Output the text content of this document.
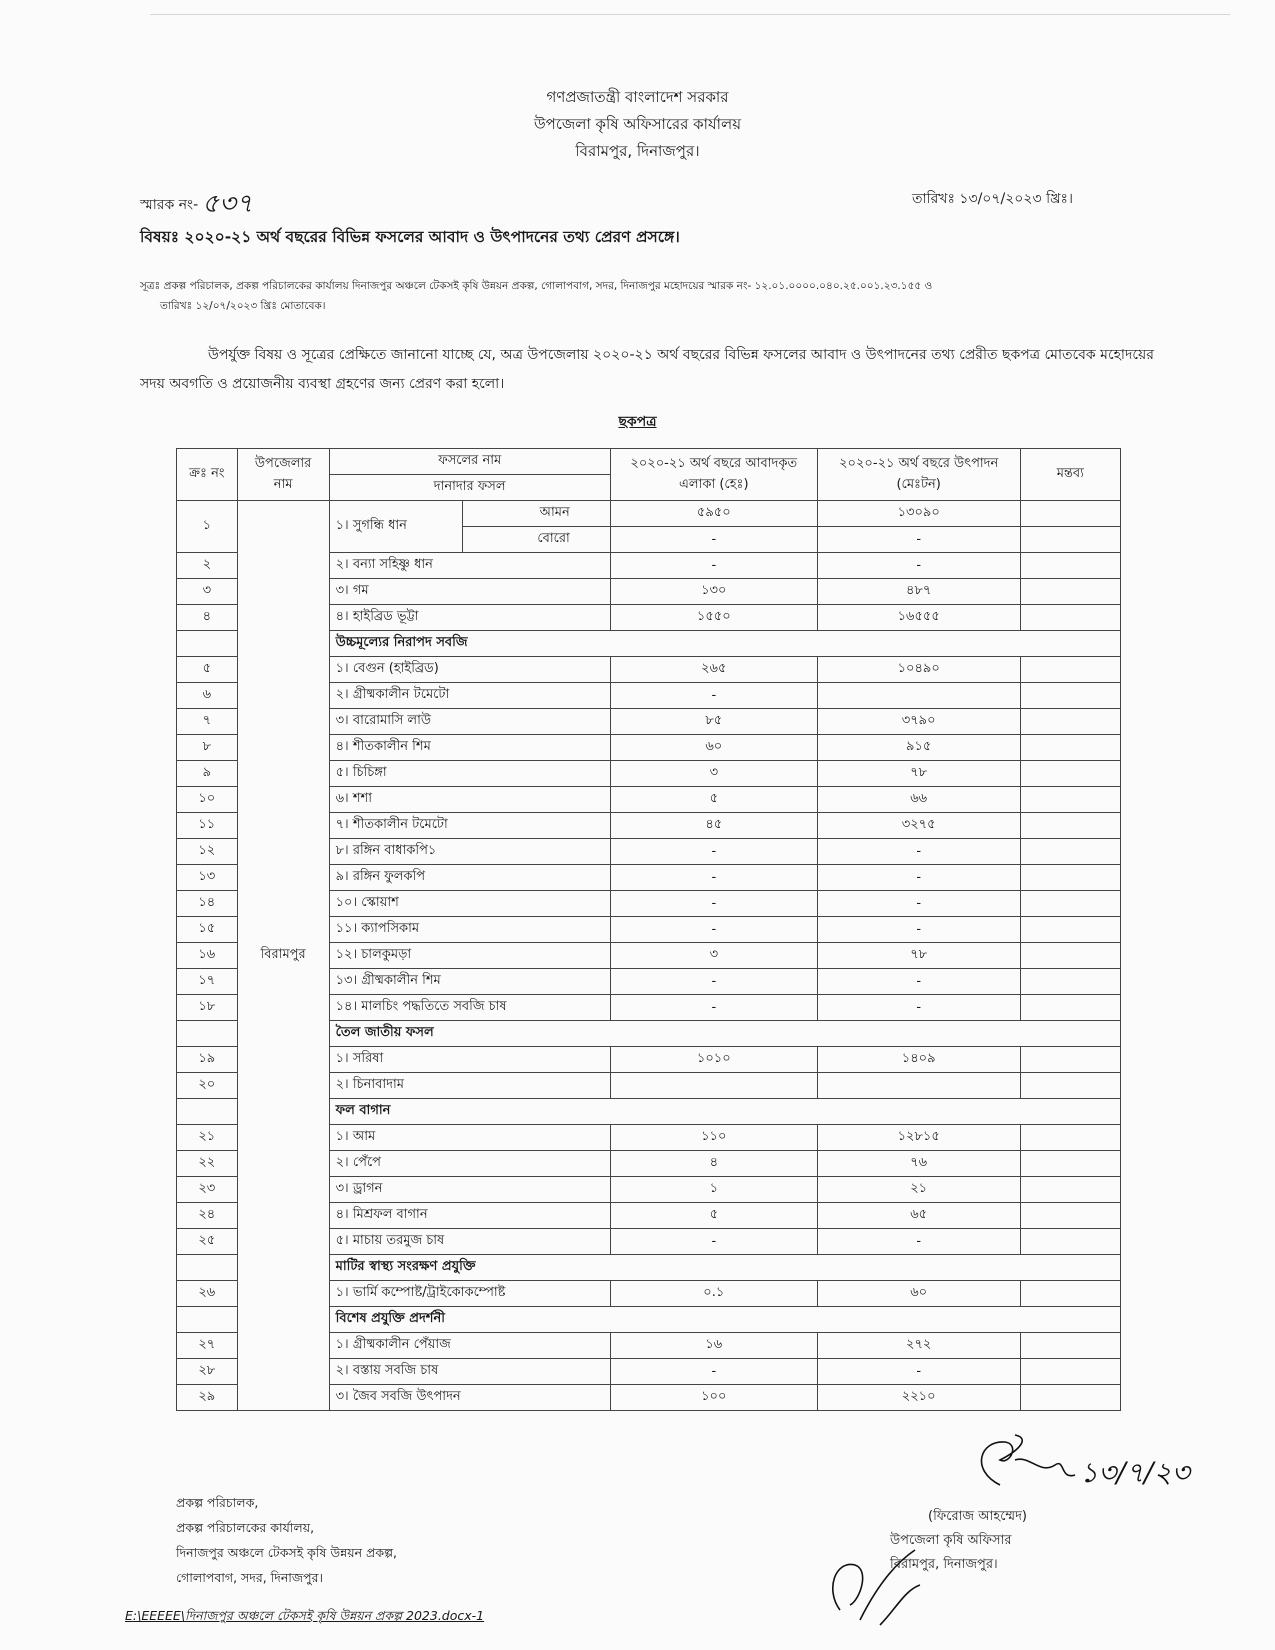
গণপ্রজাতন্ত্রী বাংলাদেশ সরকার
উপজেলা কৃষি অফিসারের কার্যালয়
বিরামপুর, দিনাজপুর।
স্মারক নং- ৫৩৭	তারিখঃ ১৩/০৭/২০২৩ খ্রিঃ।
বিষয়ঃ ২০২০-২১ অর্থ বছরের বিভিন্ন ফসলের আবাদ ও উৎপাদনের তথ্য প্রেরণ প্রসঙ্গে।
সূত্রঃ প্রকল্প পরিচালক, প্রকল্প পরিচালকের কার্যালয় দিনাজপুর অঞ্চলে টেকসই কৃষি উন্নয়ন প্রকল্প, গোলাপবাগ, সদর, দিনাজপুর মহোদয়ের স্মারক নং- ১২.০১.০০০০.০৪০.২৫.০০১.২৩.১৫৫ ও
তারিখঃ ১২/০৭/২০২৩ খ্রিঃ মোতাবেক।
উপর্যুক্ত বিষয় ও সূত্রের প্রেক্ষিতে জানানো যাচ্ছে যে, অত্র উপজেলায় ২০২০-২১ অর্থ বছরের বিভিন্ন ফসলের আবাদ ও উৎপাদনের তথ্য প্রেরীত ছকপত্র মোতবেক মহোদয়ের সদয় অবগতি ও প্রয়োজনীয় ব্যবস্থা গ্রহণের জন্য প্রেরণ করা হলো।
ছকপত্র
ক্রঃ নং	উপজেলার নাম	ফসলের নাম		২০২০-২১ অর্থ বছরে আবাদকৃত এলাকা (হেঃ)	২০২০-২১ অর্থ বছরে উৎপাদন (মেঃটন)	মন্তব্য
		দানাদার ফসল				
১	বিরামপুর	১। সুগন্ধি ধান	আমন	৫৯৫০	১৩০৯০	
			বোরো	-	-	
২		২। বন্যা সহিষ্ণু ধান		-	-	
৩		৩। গম		১৩০	৪৮৭	
৪		৪। হাইব্রিড ভূট্টা		১৫৫০	১৬৫৫৫	
		উচ্চমূল্যের নিরাপদ সবজি				
৫		১। বেগুন (হাইব্রিড)		২৬৫	১০৪৯০	
৬		২। গ্রীষ্মকালীন টমেটো		-		
৭		৩। বারোমাসি লাউ		৮৫	৩৭৯০	
৮		৪। শীতকালীন শিম		৬০	৯১৫	
৯		৫। চিচিঙ্গা		৩	৭৮	
১০		৬। শশা		৫	৬৬	
১১		৭। শীতকালীন টমেটো		৪৫	৩২৭৫	
১২		৮। রঙ্গিন বাধাকপি১		-	-	
১৩		৯। রঙ্গিন ফুলকপি		-	-	
১৪		১০। স্কোয়াশ		-	-	
১৫		১১। ক্যাপসিকাম		-	-	
১৬		১২। চালকুমড়া		৩	৭৮	
১৭		১৩। গ্রীষ্মকালীন শিম		-	-	
১৮		১৪। মালচিং পদ্ধতিতে সবজি চাষ		-	-	
		তৈল জাতীয় ফসল				
১৯		১। সরিষা		১০১০	১৪০৯	
২০		২। চিনাবাদাম				
		ফল বাগান				
২১		১। আম		১১০	১২৮১৫	
২২		২। পেঁপে		৪	৭৬	
২৩		৩। ড্রাগন		১	২১	
২৪		৪। মিশ্রফল বাগান		৫	৬৫	
২৫		৫। মাচায় তরমুজ চাষ		-	-	
		মাটির স্বাস্থ্য সংরক্ষণ প্রযুক্তি				
২৬		১। ভার্মি কম্পোষ্ট/ট্রাইকোকম্পোষ্ট		০.১	৬০	
		বিশেষ প্রযুক্তি প্রদর্শনী				
২৭		১। গ্রীষ্মকালীন পেঁয়াজ		১৬	২৭২	
২৮		২। বস্তায় সবজি চাষ		-	-	
২৯		৩। জৈব সবজি উৎপাদন		১০০	২২১০	
১৩/৭/২৩
(ফিরোজ আহম্মেদ)
উপজেলা কৃষি অফিসার
বিরামপুর, দিনাজপুর।
প্রকল্প পরিচালক,
প্রকল্প পরিচালকের কার্যালয়,
দিনাজপুর অঞ্চলে টেকসই কৃষি উন্নয়ন প্রকল্প,
গোলাপবাগ, সদর, দিনাজপুর।
E:\EEEEE\দিনাজপুর অঞ্চলে টেকসই কৃষি উন্নয়ন প্রকল্প 2023.docx-1
